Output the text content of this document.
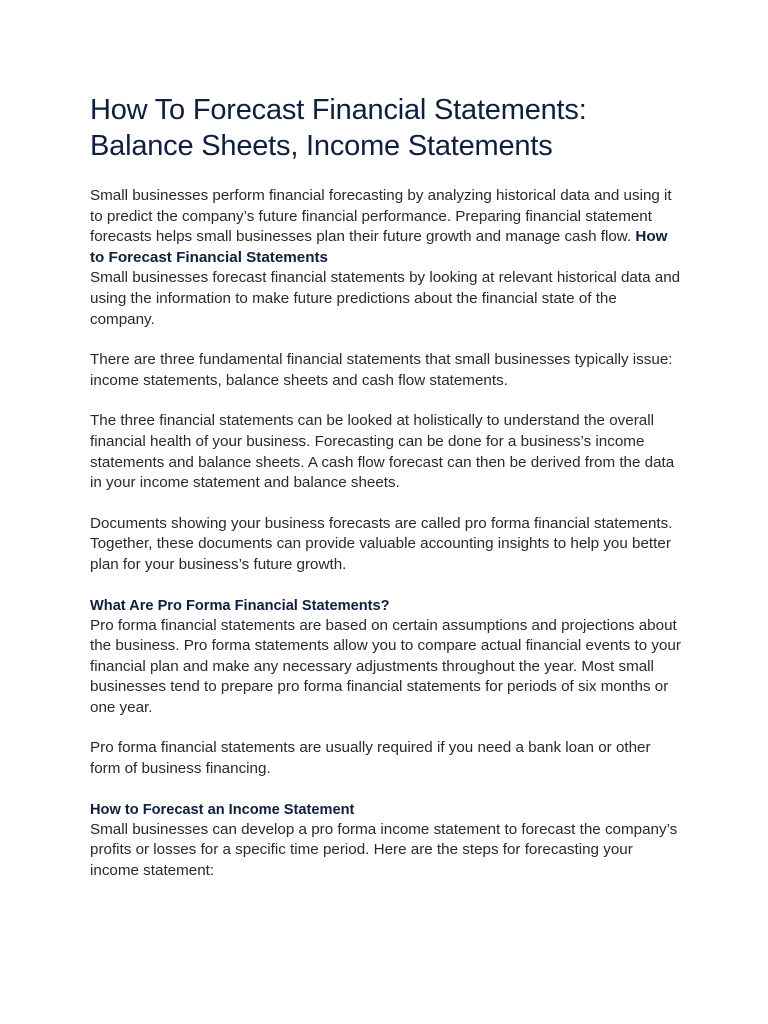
How To Forecast Financial Statements:
Balance Sheets, Income Statements

Small businesses perform financial forecasting by analyzing historical data and using it to predict the company’s future financial performance. Preparing financial statement forecasts helps small businesses plan their future growth and manage cash flow. How to Forecast Financial Statements

Small businesses forecast financial statements by looking at relevant historical data and using the information to make future predictions about the financial state of the company.

There are three fundamental financial statements that small businesses typically issue: income statements, balance sheets and cash flow statements.

The three financial statements can be looked at holistically to understand the overall financial health of your business. Forecasting can be done for a business’s income statements and balance sheets. A cash flow forecast can then be derived from the data in your income statement and balance sheets.

Documents showing your business forecasts are called pro forma financial statements. Together, these documents can provide valuable accounting insights to help you better plan for your business’s future growth.

What Are Pro Forma Financial Statements?

Pro forma financial statements are based on certain assumptions and projections about the business. Pro forma statements allow you to compare actual financial events to your financial plan and make any necessary adjustments throughout the year. Most small businesses tend to prepare pro forma financial statements for periods of six months or one year.

Pro forma financial statements are usually required if you need a bank loan or other form of business financing.

How to Forecast an Income Statement

Small businesses can develop a pro forma income statement to forecast the company’s profits or losses for a specific time period. Here are the steps for forecasting your income statement:
